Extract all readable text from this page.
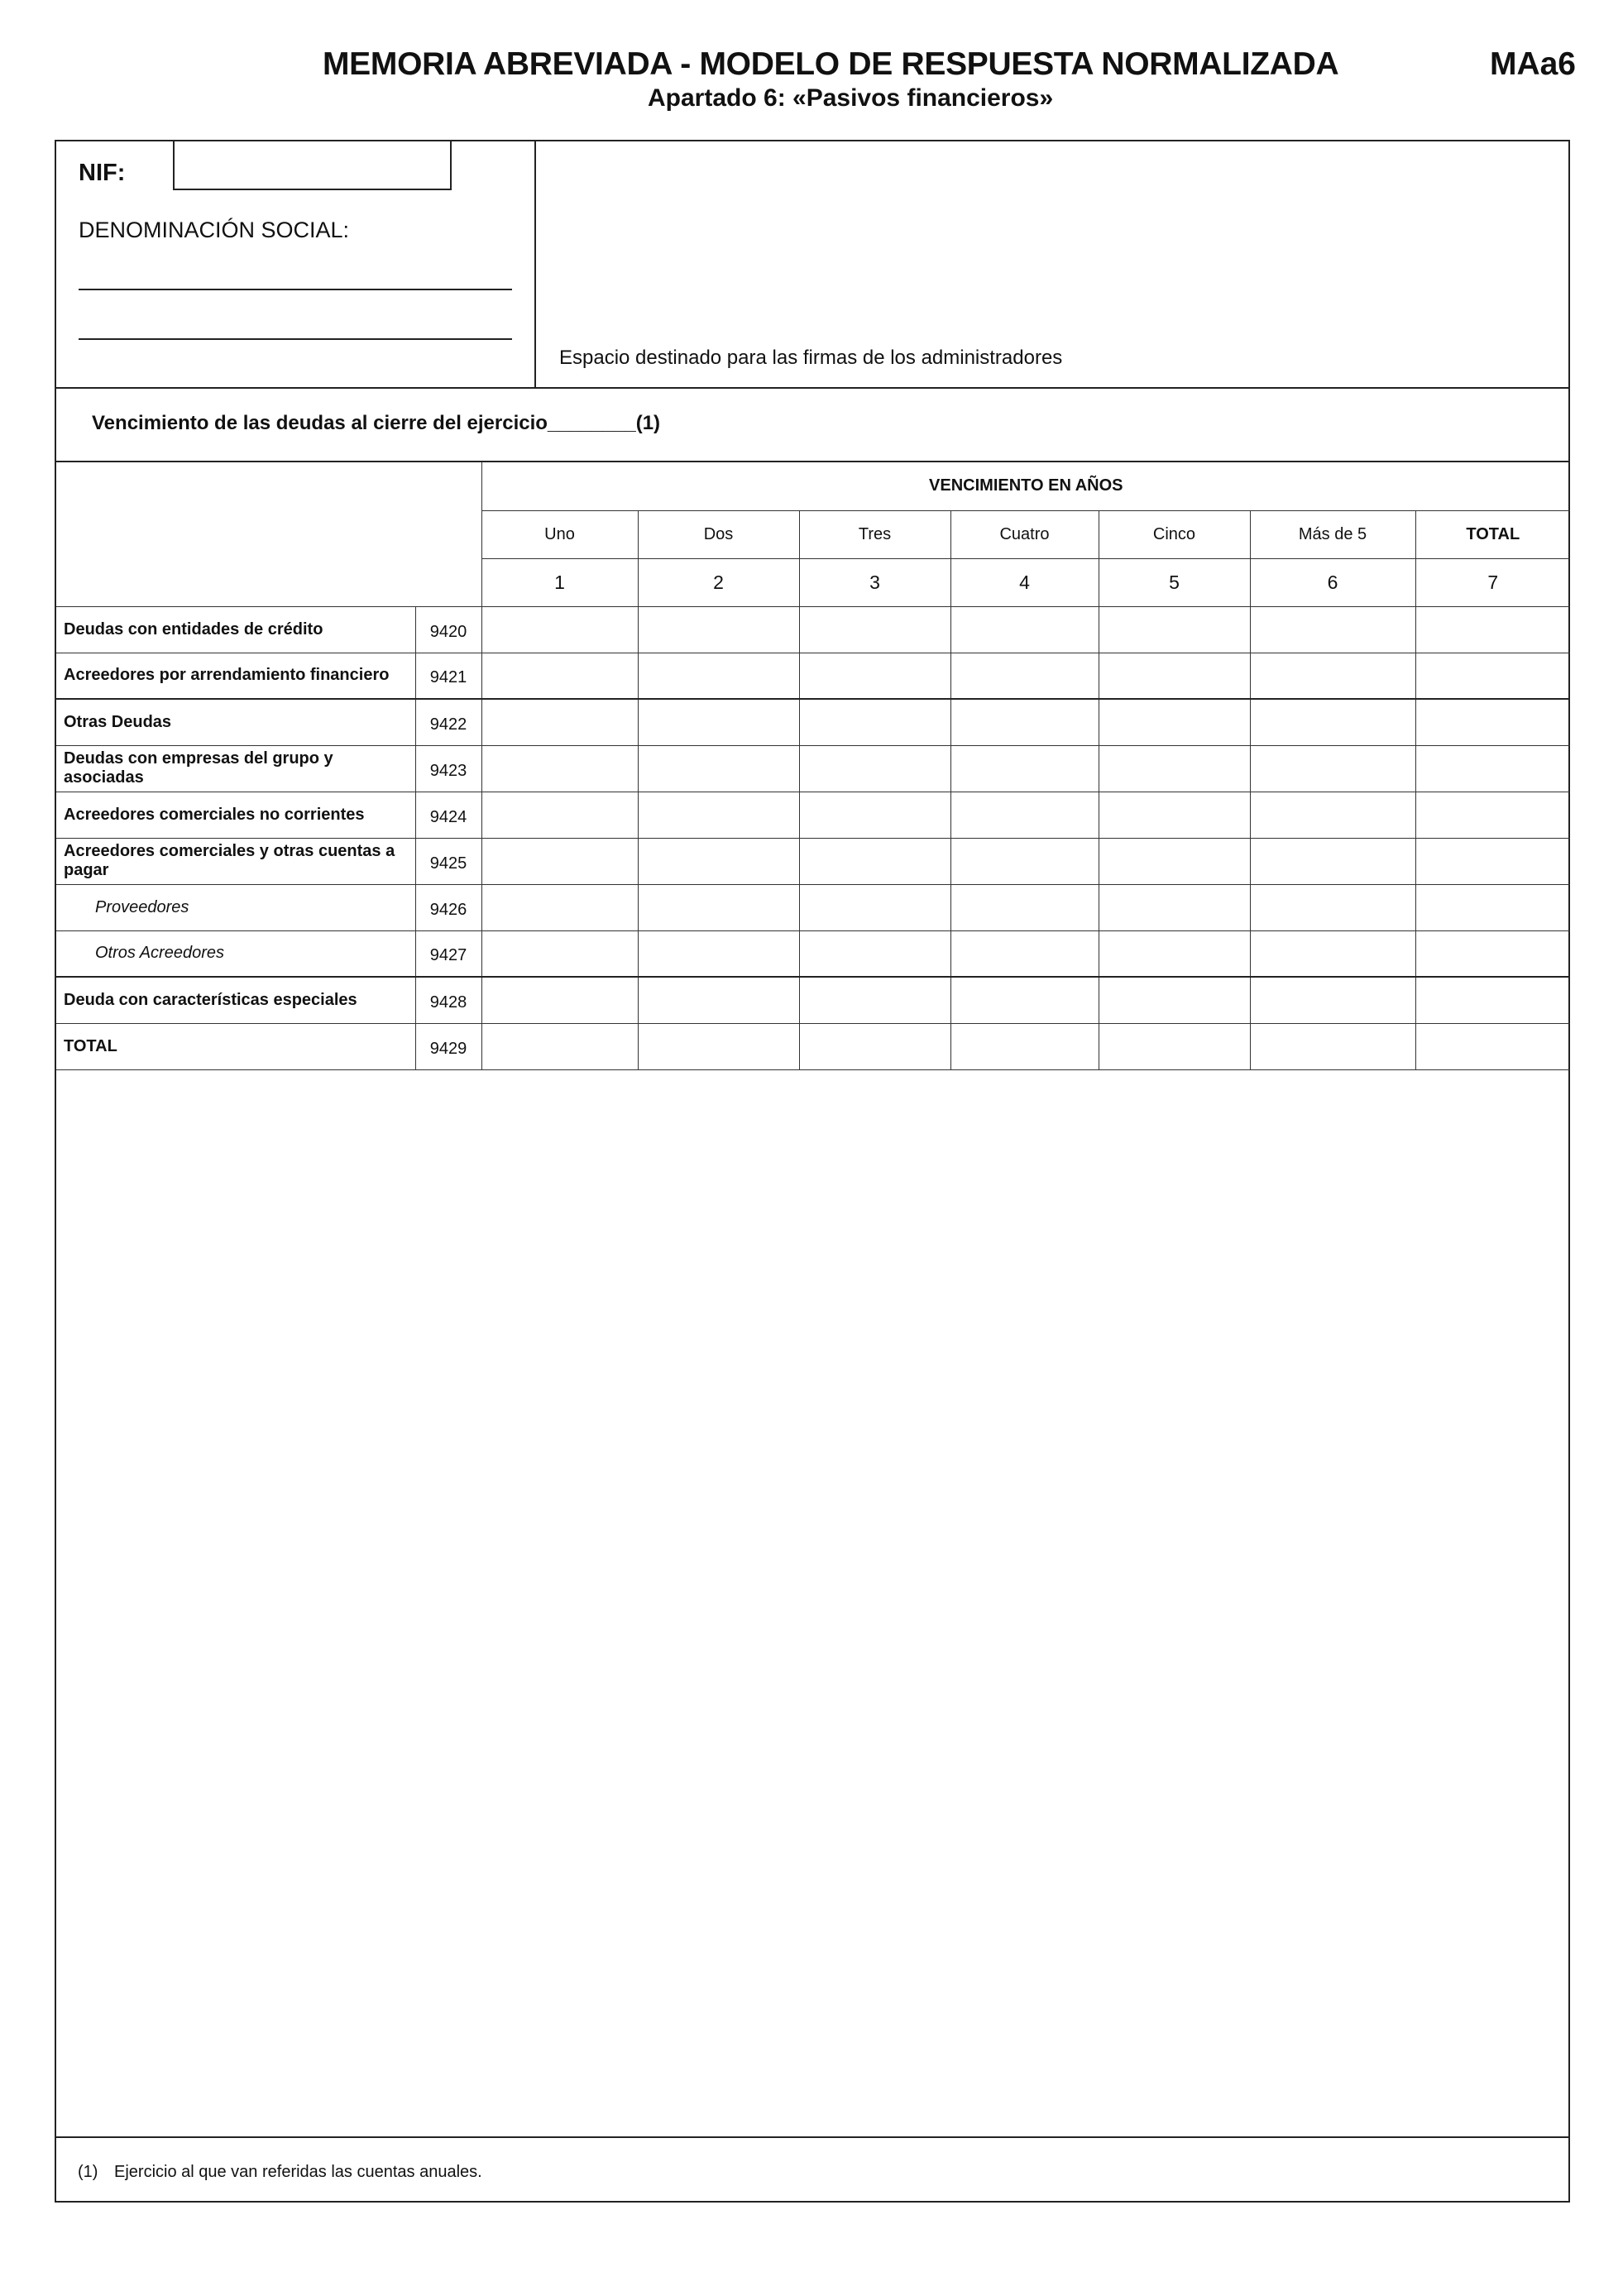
MEMORIA ABREVIADA - MODELO DE RESPUESTA NORMALIZADA
Apartado 6: «Pasivos financieros»
MAa6
NIF:
DENOMINACIÓN SOCIAL:
Espacio destinado para las firmas de los administradores
Vencimiento de las deudas al cierre del ejercicio________(1)
		VENCIMIENTO EN AÑOS						
		Uno	Dos	Tres	Cuatro	Cinco	Más de 5	TOTAL
		1	2	3	4	5	6	7
Deudas con entidades de crédito	9420							
Acreedores por arrendamiento financiero	9421							
Otras Deudas	9422							
Deudas con empresas del grupo y asociadas	9423							
Acreedores comerciales no corrientes	9424							
Acreedores comerciales y otras cuentas a pagar	9425							
Proveedores	9426							
Otros Acreedores	9427							
Deuda con características especiales	9428							
TOTAL	9429							
(1) Ejercicio al que van referidas las cuentas anuales.
